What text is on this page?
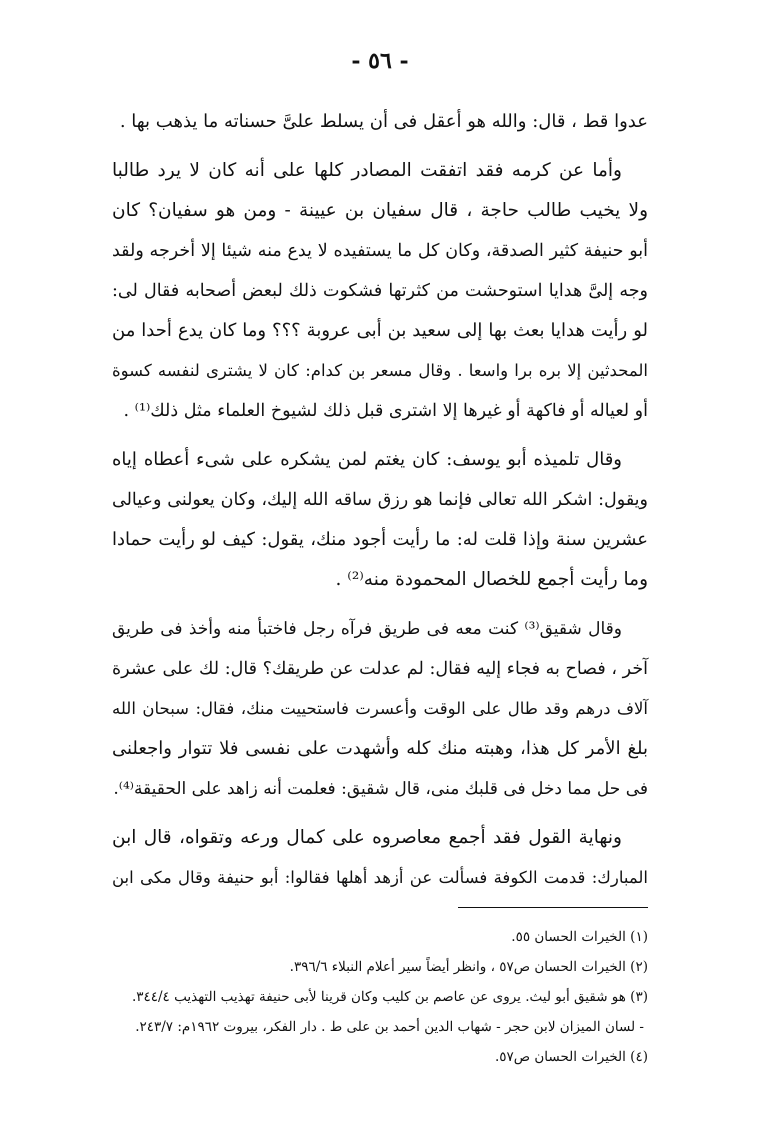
- ٥٦ -
عدوا قط ، قال: والله هو أعقل فى أن يسلط علىَّ حسناته ما يذهب بها .
وأما عن كرمه فقد اتفقت المصادر كلها على أنه كان لا يرد طالبا
ولا يخيب طالب حاجة ، قال سفيان بن عيينة - ومن هو سفيان؟ كان
أبو حنيفة كثير الصدقة، وكان كل ما يستفيده لا يدع منه شيئا إلا أخرجه ولقد
وجه إلىَّ هدايا استوحشت من كثرتها فشكوت ذلك لبعض أصحابه فقال لى:
لو رأيت هدايا بعث بها إلى سعيد بن أبى عروبة ؟؟؟ وما كان يدع أحدا من
المحدثين إلا بره برا واسعا . وقال مسعر بن كدام: كان لا يشترى لنفسه كسوة
أو لعياله أو فاكهة أو غيرها إلا اشترى قبل ذلك لشيوخ العلماء مثل ذلك⁽¹⁾ .
وقال تلميذه أبو يوسف: كان يغتم لمن يشكره على شىء أعطاه إياه
ويقول: اشكر الله تعالى فإنما هو رزق ساقه الله إليك، وكان يعولنى وعيالى
عشرين سنة وإذا قلت له: ما رأيت أجود منك، يقول: كيف لو رأيت حمادا
وما رأيت أجمع للخصال المحمودة منه⁽²⁾ .
وقال شقيق⁽³⁾ كنت معه فى طريق فرآه رجل فاختبأ منه وأخذ فى طريق
آخر ، فصاح به فجاء إليه فقال: لم عدلت عن طريقك؟ قال: لك على عشرة
آلاف درهم وقد طال على الوقت وأعسرت فاستحييت منك، فقال: سبحان الله
بلغ الأمر كل هذا، وهبته منك كله وأشهدت على نفسى فلا تتوار واجعلنى
فى حل مما دخل فى قلبك منى، قال شقيق: فعلمت أنه زاهد على الحقيقة⁽⁴⁾.
ونهاية القول فقد أجمع معاصروه على كمال ورعه وتقواه، قال ابن
المبارك: قدمت الكوفة فسألت عن أزهد أهلها فقالوا: أبو حنيفة وقال مكى ابن
(١) الخيرات الحسان ٥٥.
(٢) الخيرات الحسان ص٥٧ ، وانظر أيضاً سير أعلام النبلاء ٣٩٦/٦.
(٣) هو شقيق أبو ليث. يروى عن عاصم بن كليب وكان قرينا لأبى حنيفة تهذيب التهذيب ٣٤٤/٤.
- لسان الميزان لابن حجر - شهاب الدين أحمد بن على ط . دار الفكر، بيروت ١٩٦٢م: ٢٤٣/٧.
(٤) الخيرات الحسان ص٥٧.
